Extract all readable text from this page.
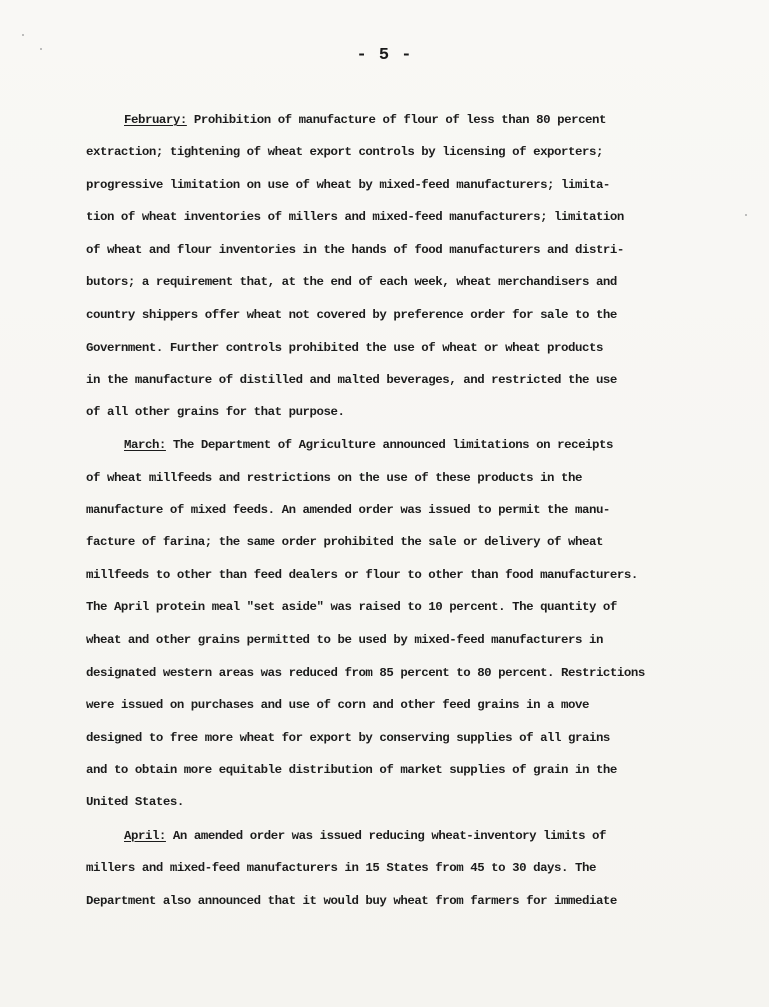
- 5 -

February: Prohibition of manufacture of flour of less than 80 percent

extraction; tightening of wheat export controls by licensing of exporters;

progressive limitation on use of wheat by mixed-feed manufacturers; limita-

tion of wheat inventories of millers and mixed-feed manufacturers; limitation

of wheat and flour inventories in the hands of food manufacturers and distri-

butors; a requirement that, at the end of each week, wheat merchandisers and

country shippers offer wheat not covered by preference order for sale to the

Government. Further controls prohibited the use of wheat or wheat products

in the manufacture of distilled and malted beverages, and restricted the use

of all other grains for that purpose.

March: The Department of Agriculture announced limitations on receipts

of wheat millfeeds and restrictions on the use of these products in the

manufacture of mixed feeds. An amended order was issued to permit the manu-

facture of farina; the same order prohibited the sale or delivery of wheat

millfeeds to other than feed dealers or flour to other than food manufacturers.

The April protein meal "set aside" was raised to 10 percent. The quantity of

wheat and other grains permitted to be used by mixed-feed manufacturers in

designated western areas was reduced from 85 percent to 80 percent. Restrictions

were issued on purchases and use of corn and other feed grains in a move

designed to free more wheat for export by conserving supplies of all grains

and to obtain more equitable distribution of market supplies of grain in the

United States.

April: An amended order was issued reducing wheat-inventory limits of

millers and mixed-feed manufacturers in 15 States from 45 to 30 days. The

Department also announced that it would buy wheat from farmers for immediate
